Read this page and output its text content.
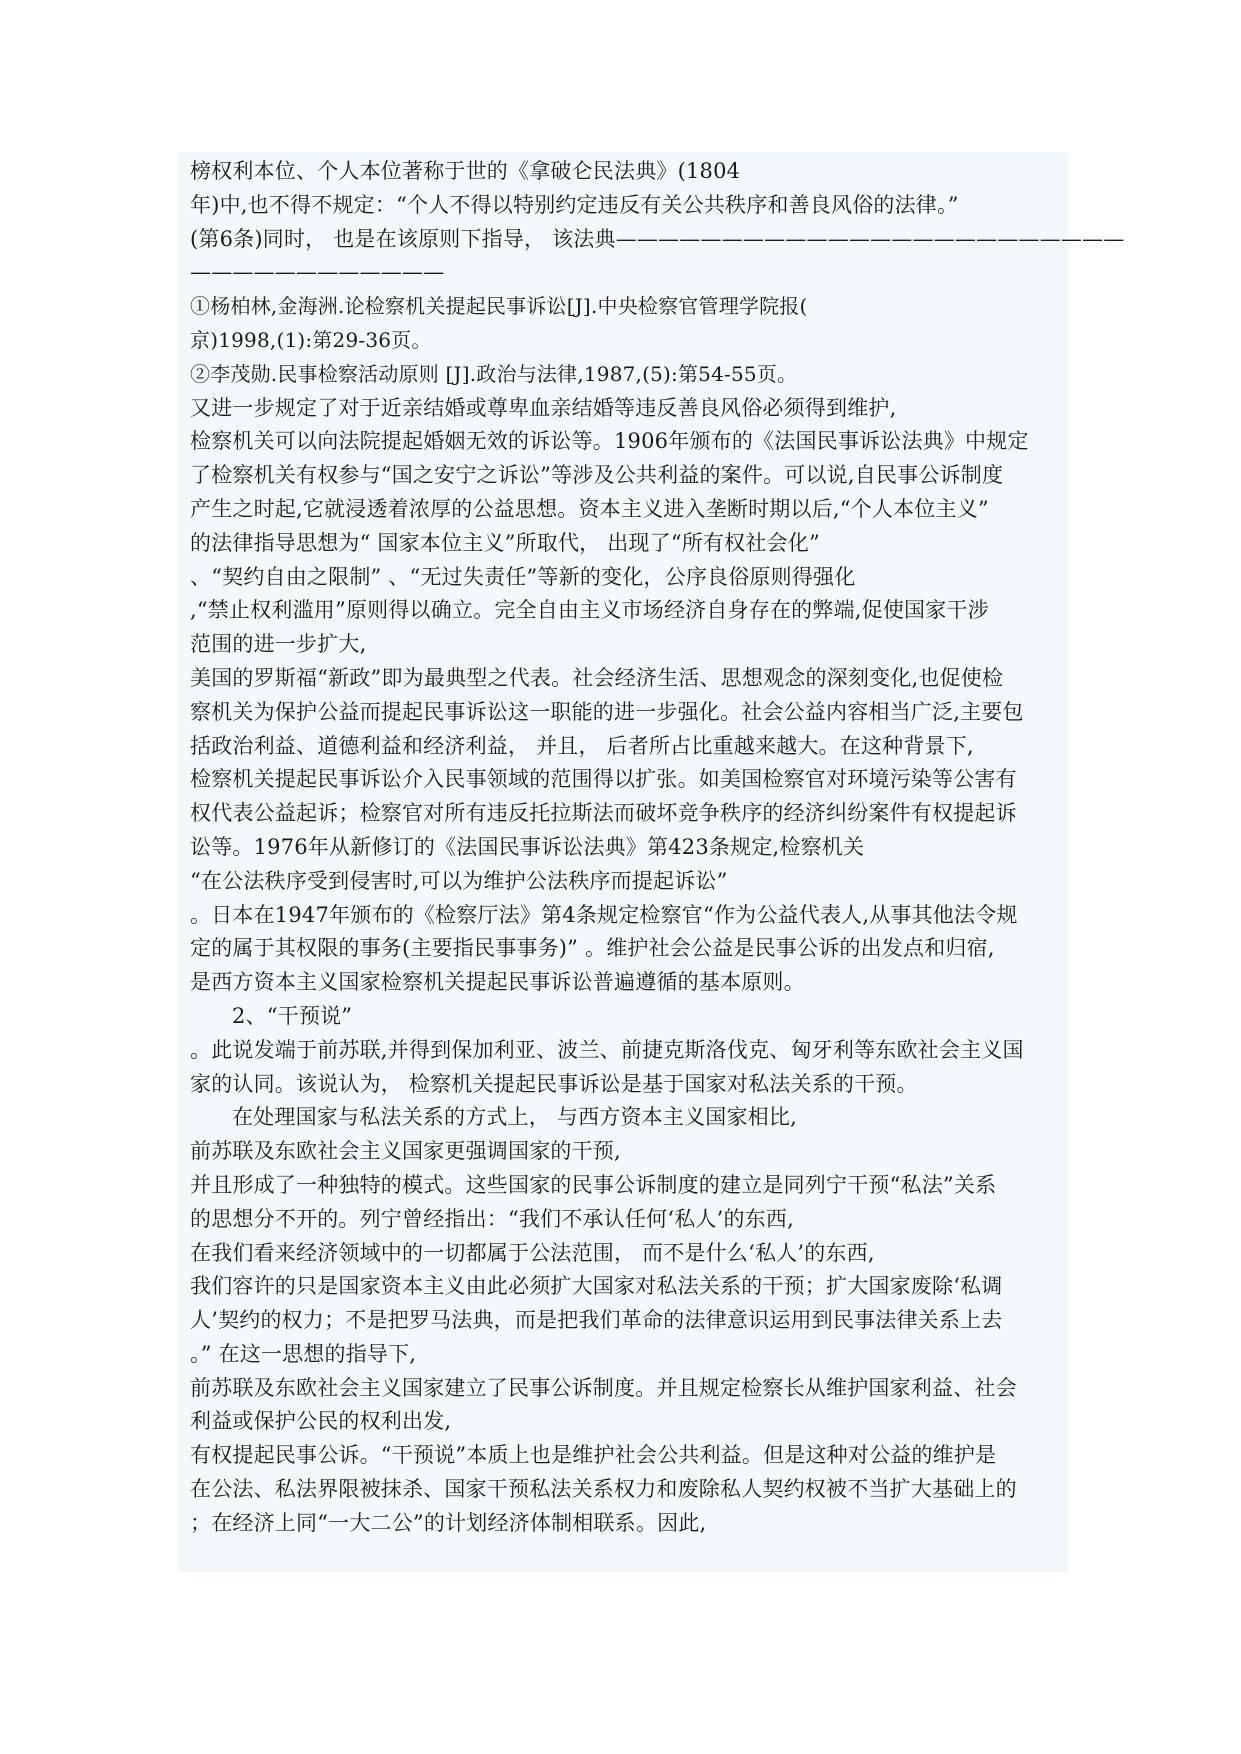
榜权利本位、个人本位著称于世的《拿破仑民法典》(1804
年)中,也不得不规定：“个人不得以特别约定违反有关公共秩序和善良风俗的法律。”
(第6条)同时， 也是在该原则下指导， 该法典————————————————————————
————————————
①杨柏林,金海洲.论检察机关提起民事诉讼[J].中央检察官管理学院报(
京)1998,(1):第29-36页。
②李茂勋.民事检察活动原则 [J].政治与法律,1987,(5):第54-55页。
又进一步规定了对于近亲结婚或尊卑血亲结婚等违反善良风俗必须得到维护,
检察机关可以向法院提起婚姻无效的诉讼等。1906年颁布的《法国民事诉讼法典》中规定
了检察机关有权参与“国之安宁之诉讼”等涉及公共利益的案件。可以说,自民事公诉制度
产生之时起,它就浸透着浓厚的公益思想。资本主义进入垄断时期以后,“个人本位主义”
的法律指导思想为“ 国家本位主义”所取代， 出现了“所有权社会化”
、“契约自由之限制” 、“无过失责任”等新的变化，公序良俗原则得强化
,“禁止权利滥用”原则得以确立。完全自由主义市场经济自身存在的弊端,促使国家干涉
范围的进一步扩大,
美国的罗斯福“新政”即为最典型之代表。社会经济生活、思想观念的深刻变化,也促使检
察机关为保护公益而提起民事诉讼这一职能的进一步强化。社会公益内容相当广泛,主要包
括政治利益、道德利益和经济利益， 并且， 后者所占比重越来越大。在这种背景下,
检察机关提起民事诉讼介入民事领域的范围得以扩张。如美国检察官对环境污染等公害有
权代表公益起诉；检察官对所有违反托拉斯法而破坏竞争秩序的经济纠纷案件有权提起诉
讼等。1976年从新修订的《法国民事诉讼法典》第423条规定,检察机关
“在公法秩序受到侵害时,可以为维护公法秩序而提起诉讼”
。日本在1947年颁布的《检察厅法》第4条规定检察官“作为公益代表人,从事其他法令规
定的属于其权限的事务(主要指民事事务)” 。维护社会公益是民事公诉的出发点和归宿,
是西方资本主义国家检察机关提起民事诉讼普遍遵循的基本原则。
2、“干预说”
。此说发端于前苏联,并得到保加利亚、波兰、前捷克斯洛伐克、匈牙利等东欧社会主义国
家的认同。该说认为， 检察机关提起民事诉讼是基于国家对私法关系的干预。
在处理国家与私法关系的方式上， 与西方资本主义国家相比,
前苏联及东欧社会主义国家更强调国家的干预,
并且形成了一种独特的模式。这些国家的民事公诉制度的建立是同列宁干预“私法”关系
的思想分不开的。列宁曾经指出：“我们不承认任何‘私人’的东西,
在我们看来经济领域中的一切都属于公法范围， 而不是什么‘私人’的东西,
我们容许的只是国家资本主义由此必须扩大国家对私法关系的干预；扩大国家废除‘私调
人’契约的权力；不是把罗马法典，而是把我们革命的法律意识运用到民事法律关系上去
。” 在这一思想的指导下,
前苏联及东欧社会主义国家建立了民事公诉制度。并且规定检察长从维护国家利益、社会
利益或保护公民的权利出发,
有权提起民事公诉。“干预说”本质上也是维护社会公共利益。但是这种对公益的维护是
在公法、私法界限被抹杀、国家干预私法关系权力和废除私人契约权被不当扩大基础上的
；在经济上同“一大二公”的计划经济体制相联系。因此,
